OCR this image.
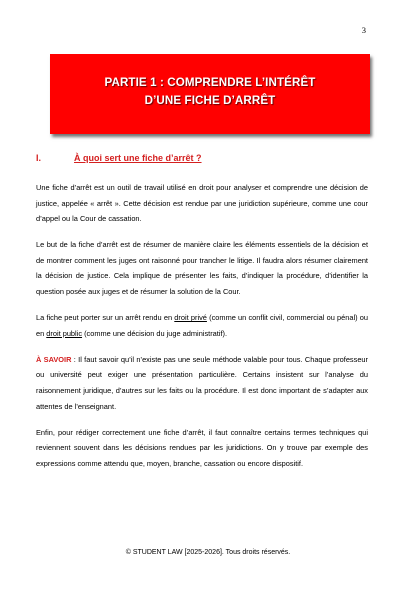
3
PARTIE 1 : COMPRENDRE L’INTÉRÊT
D’UNE FICHE D’ARRÊT
I.	À quoi sert une fiche d’arrêt ?

Une fiche d’arrêt est un outil de travail utilisé en droit pour analyser et comprendre une décision de justice, appelée « arrêt ». Cette décision est rendue par une juridiction supérieure, comme une cour d’appel ou la Cour de cassation.

Le but de la fiche d’arrêt est de résumer de manière claire les éléments essentiels de la décision et de montrer comment les juges ont raisonné pour trancher le litige. Il faudra alors résumer clairement la décision de justice. Cela implique de présenter les faits, d’indiquer la procédure, d’identifier la question posée aux juges et de résumer la solution de la Cour.

La fiche peut porter sur un arrêt rendu en droit privé (comme un conflit civil, commercial ou pénal) ou en droit public (comme une décision du juge administratif).

À SAVOIR : Il faut savoir qu’il n’existe pas une seule méthode valable pour tous. Chaque professeur ou université peut exiger une présentation particulière. Certains insistent sur l’analyse du raisonnement juridique, d’autres sur les faits ou la procédure. Il est donc important de s’adapter aux attentes de l’enseignant.

Enfin, pour rédiger correctement une fiche d’arrêt, il faut connaître certains termes techniques qui reviennent souvent dans les décisions rendues par les juridictions. On y trouve par exemple des expressions comme attendu que, moyen, branche, cassation ou encore dispositif.

© STUDENT LAW [2025-2026]. Tous droits réservés.
